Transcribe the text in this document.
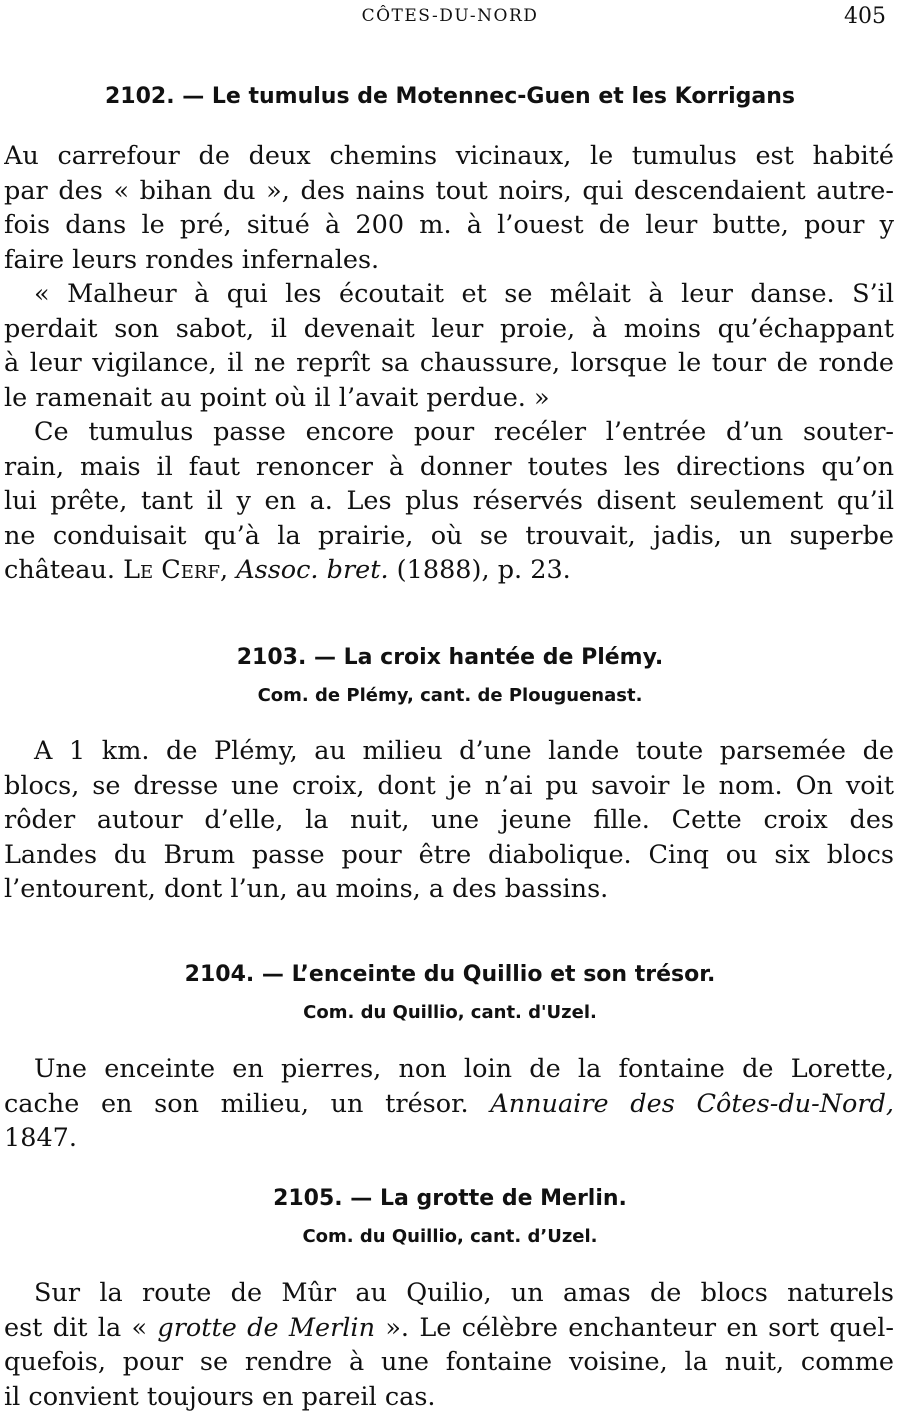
CÔTES-DU-NORD	405
2102. — Le tumulus de Motennec-Guen et les Korrigans
Au carrefour de deux chemins vicinaux, le tumulus est habité
par des « bihan du », des nains tout noirs, qui descendaient autre-
fois dans le pré, situé à 200 m. à l’ouest de leur butte, pour y
faire leurs rondes infernales.
« Malheur à qui les écoutait et se mêlait à leur danse. S’il
perdait son sabot, il devenait leur proie, à moins qu’échappant
à leur vigilance, il ne reprît sa chaussure, lorsque le tour de ronde
le ramenait au point où il l’avait perdue. »
Ce tumulus passe encore pour recéler l’entrée d’un souter-
rain, mais il faut renoncer à donner toutes les directions qu’on
lui prête, tant il y en a. Les plus réservés disent seulement qu’il
ne conduisait qu’à la prairie, où se trouvait, jadis, un superbe
château. Le Cerf, Assoc. bret. (1888), p. 23.
2103. — La croix hantée de Plémy.
Com. de Plémy, cant. de Plouguenast.
A 1 km. de Plémy, au milieu d’une lande toute parsemée de
blocs, se dresse une croix, dont je n’ai pu savoir le nom. On voit
rôder autour d’elle, la nuit, une jeune fille. Cette croix des
Landes du Brum passe pour être diabolique. Cinq ou six blocs
l’entourent, dont l’un, au moins, a des bassins.
2104. — L’enceinte du Quillio et son trésor.
Com. du Quillio, cant. d'Uzel.
Une enceinte en pierres, non loin de la fontaine de Lorette,
cache en son milieu, un trésor. Annuaire des Côtes-du-Nord,
1847.
2105. — La grotte de Merlin.
Com. du Quillio, cant. d’Uzel.
Sur la route de Mûr au Quilio, un amas de blocs naturels
est dit la « grotte de Merlin ». Le célèbre enchanteur en sort quel-
quefois, pour se rendre à une fontaine voisine, la nuit, comme
il convient toujours en pareil cas.
